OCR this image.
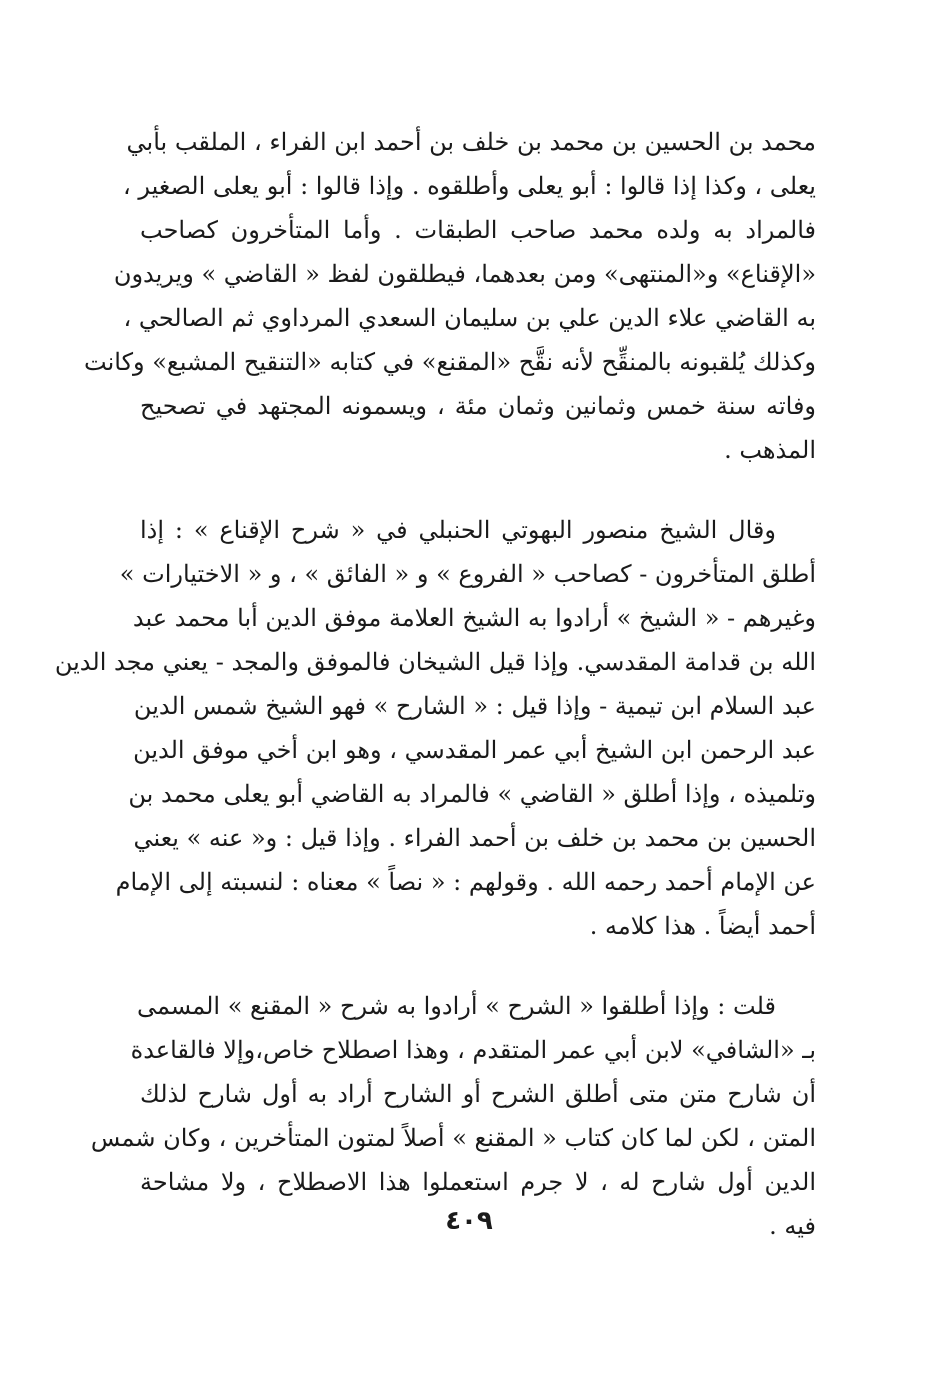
محمد بن الحسين بن محمد بن خلف بن أحمد ابن الفراء ، الملقب بأبي
يعلى ، وكذا إذا قالوا : أبو يعلى وأطلقوه . وإذا قالوا : أبو يعلى الصغير ،
فالمراد به ولده محمد صاحب الطبقات . وأما المتأخرون كصاحب
«الإقناع» و«المنتهى» ومن بعدهما، فيطلقون لفظ « القاضي » ويريدون
به القاضي علاء الدين علي بن سليمان السعدي المرداوي ثم الصالحي ،
وكذلك يُلقبونه بالمنقِّح لأنه نقَّح «المقنع» في كتابه «التنقيح المشبع» وكانت
وفاته سنة خمس وثمانين وثمان مئة ، ويسمونه المجتهد في تصحيح
المذهب .
وقال الشيخ منصور البهوتي الحنبلي في « شرح الإقناع » : إذا
أطلق المتأخرون - كصاحب « الفروع » و « الفائق » ، و « الاختيارات »
وغيرهم - « الشيخ » أرادوا به الشيخ العلامة موفق الدين أبا محمد عبد
الله بن قدامة المقدسي. وإذا قيل الشيخان فالموفق والمجد - يعني مجد الدين
عبد السلام ابن تيمية - وإذا قيل : « الشارح » فهو الشيخ شمس الدين
عبد الرحمن ابن الشيخ أبي عمر المقدسي ، وهو ابن أخي موفق الدين
وتلميذه ، وإذا أطلق « القاضي » فالمراد به القاضي أبو يعلى محمد بن
الحسين بن محمد بن خلف بن أحمد الفراء . وإذا قيل : و« عنه » يعني
عن الإمام أحمد رحمه الله . وقولهم : « نصاً » معناه : لنسبته إلى الإمام
أحمد أيضاً . هذا كلامه .
قلت : وإذا أطلقوا « الشرح » أرادوا به شرح « المقنع » المسمى
بـ «الشافي» لابن أبي عمر المتقدم ، وهذا اصطلاح خاص،وإلا فالقاعدة
أن شارح متن متى أطلق الشرح أو الشارح أراد به أول شارح لذلك
المتن ، لكن لما كان كتاب « المقنع » أصلاً لمتون المتأخرين ، وكان شمس
الدين أول شارح له ، لا جرم استعملوا هذا الاصطلاح ، ولا مشاحة
فيه .
٤٠٩
